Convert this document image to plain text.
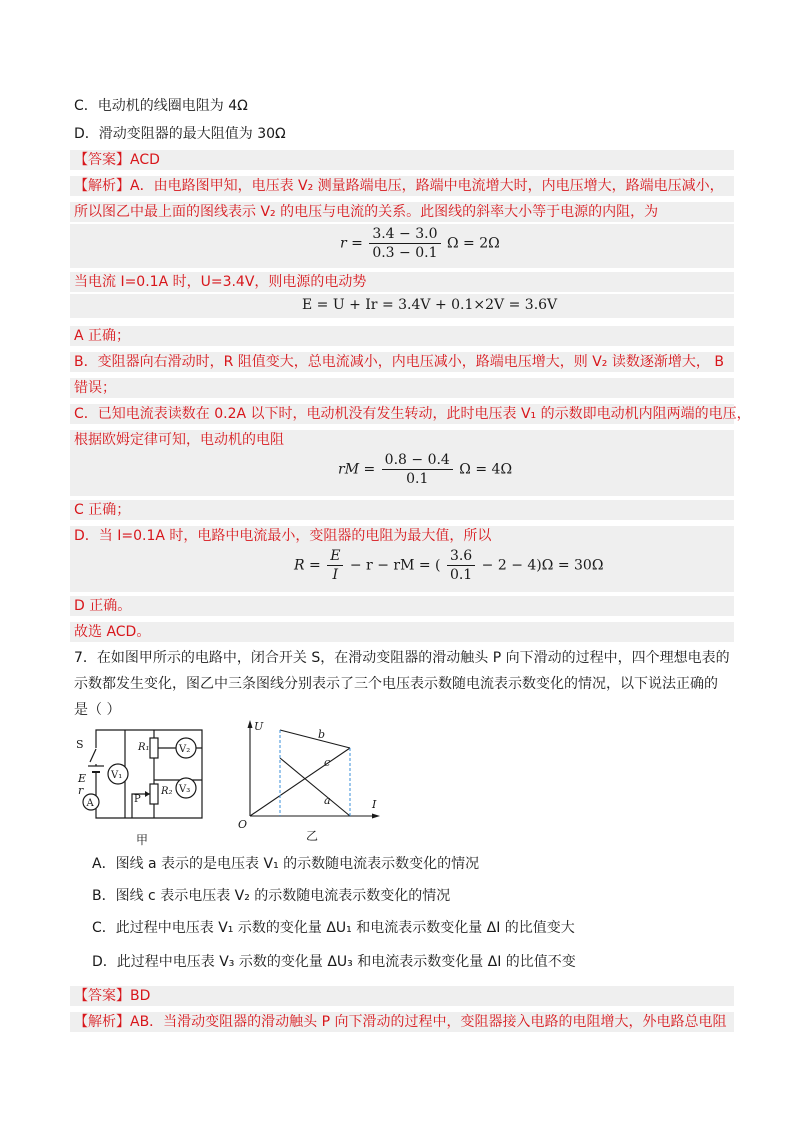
C．电动机的线圈电阻为 4Ω
D．滑动变阻器的最大阻值为 30Ω
【答案】ACD
【解析】A．由电路图甲知，电压表 V₂ 测量路端电压，路端中电流增大时，内电压增大，路端电压减小，
所以图乙中最上面的图线表示 V₂ 的电压与电流的关系。此图线的斜率大小等于电源的内阻，为
$r = \frac{3.4 - 3.0}{0.3 - 0.1}$ Ω = 2Ω
当电流 I=0.1A 时，U=3.4V，则电源的电动势
E = U + Ir = 3.4V + 0.1×2V = 3.6V
A 正确；
B．变阻器向右滑动时，R 阻值变大，总电流减小，内电压减小，路端电压增大，则 V₂ 读数逐渐增大， B
错误；
C．已知电流表读数在 0.2A 以下时，电动机没有发生转动，此时电压表 V₁ 的示数即电动机内阻两端的电压，
根据欧姆定律可知，电动机的电阻
rM = $\frac{0.8 - 0.4}{0.1}$ Ω = 4Ω
C 正确；
D．当 I=0.1A 时，电路中电流最小，变阻器的电阻为最大值，所以
$R = \frac{E}{I} - r$ − rM = ( $\frac{3.6}{0.1} - 2 - 4)\Omega = 30\Omega$
D 正确。
故选 ACD。
7．在如图甲所示的电路中，闭合开关 S，在滑动变阻器的滑动触头 P 向下滑动的过程中，四个理想电表的
示数都发生变化，图乙中三条图线分别表示了三个电压表示数随电流表示数变化的情况，以下说法正确的
是（ ）
S
E
r
A
V₁
R₁	V₂
R₂
P
V₃
甲
U
I
O
b
c
a
乙
A．图线 a 表示的是电压表 V₁ 的示数随电流表示数变化的情况
B．图线 c 表示电压表 V₂ 的示数随电流表示数变化的情况
C．此过程中电压表 V₁ 示数的变化量 ΔU₁ 和电流表示数变化量 ΔI 的比值变大
D．此过程中电压表 V₃ 示数的变化量 ΔU₃ 和电流表示数变化量 ΔI 的比值不变
【答案】BD
【解析】AB．当滑动变阻器的滑动触头 P 向下滑动的过程中，变阻器接入电路的电阻增大，外电路总电阻
